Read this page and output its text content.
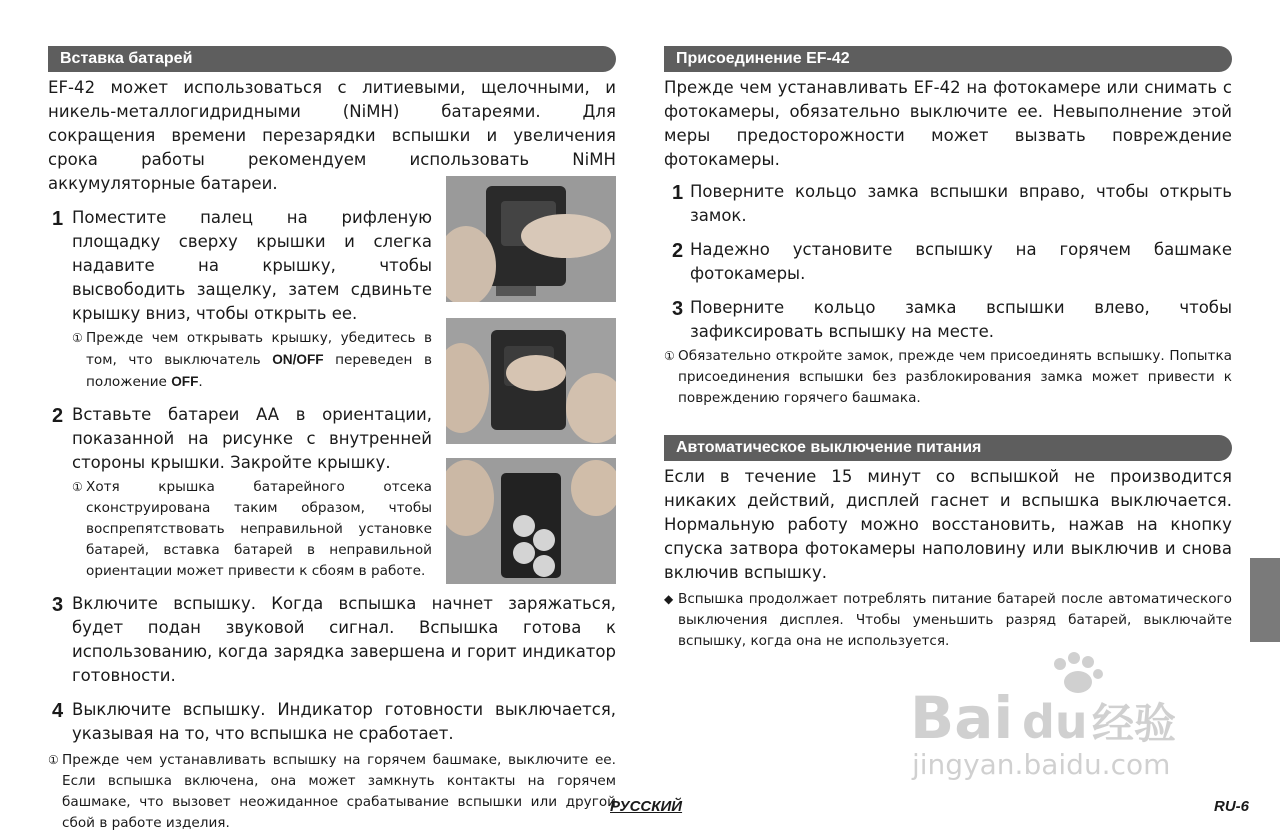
Вставка батарей

EF-42 может использоваться с литиевыми, щелочными, и никель-металлогидридными (NiMH) батареями. Для сокращения времени перезарядки вспышки и увеличения срока работы рекомендуем использовать NiMH аккумуляторные батареи.

1 Поместите палец на рифленую площадку сверху крышки и слегка надавите на крышку, чтобы высвободить защелку, затем сдвиньте крышку вниз, чтобы открыть ее.
① Прежде чем открывать крышку, убедитесь в том, что выключатель ON/OFF переведен в положение OFF.
2 Вставьте батареи AA в ориентации, показанной на рисунке с внутренней стороны крышки. Закройте крышку.
① Хотя крышка батарейного отсека сконструирована таким образом, чтобы воспрепятствовать неправильной установке батарей, вставка батарей в неправильной ориентации может привести к сбоям в работе.
3 Включите вспышку. Когда вспышка начнет заряжаться, будет подан звуковой сигнал. Вспышка готова к использованию, когда зарядка завершена и горит индикатор готовности.
4 Выключите вспышку. Индикатор готовности выключается, указывая на то, что вспышка не сработает.
① Прежде чем устанавливать вспышку на горячем башмаке, выключите ее. Если вспышка включена, она может замкнуть контакты на горячем башмаке, что вызовет неожиданное срабатывание вспышки или другой сбой в работе изделия.
Присоединение EF-42

Прежде чем устанавливать EF-42 на фотокамере или снимать с фотокамеры, обязательно выключите ее. Невыполнение этой меры предосторожности может вызвать повреждение фотокамеры.

1 Поверните кольцо замка вспышки вправо, чтобы открыть замок.
2 Надежно установите вспышку на горячем башмаке фотокамеры.
3 Поверните кольцо замка вспышки влево, чтобы зафиксировать вспышку на месте.
① Обязательно откройте замок, прежде чем присоединять вспышку. Попытка присоединения вспышки без разблокирования замка может привести к повреждению горячего башмака.
Автоматическое выключение питания

Если в течение 15 минут со вспышкой не производится никаких действий, дисплей гаснет и вспышка выключается. Нормальную работу можно восстановить, нажав на кнопку спуска затвора фотокамеры наполовину или выключив и снова включив вспышку.

◆ Вспышка продолжает потреблять питание батарей после автоматического выключения дисплея. Чтобы уменьшить разряд батарей, выключайте вспышку, когда она не используется.
Bai du 经验
jingyan.baidu.com
РУССКИЙ	RU-6
